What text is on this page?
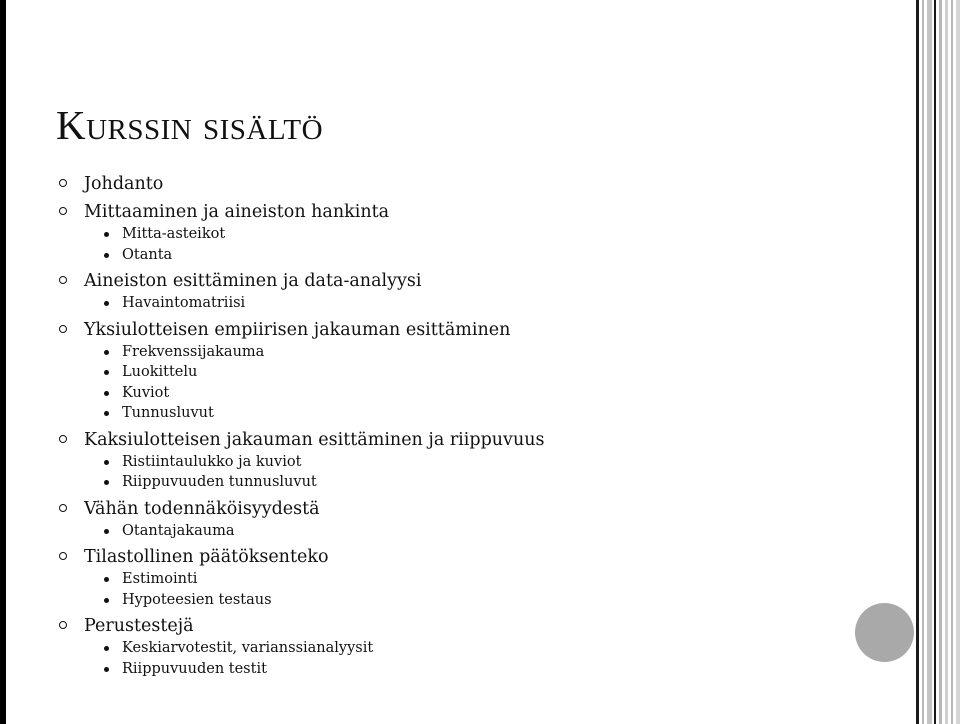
Kurssin sisältö
Johdanto
Mittaaminen ja aineiston hankinta
Mitta-asteikot
Otanta
Aineiston esittäminen ja data-analyysi
Havaintomatriisi
Yksiulotteisen empiirisen jakauman esittäminen
Frekvenssijakauma
Luokittelu
Kuviot
Tunnusluvut
Kaksiulotteisen jakauman esittäminen ja riippuvuus
Ristiintaulukko ja kuviot
Riippuvuuden tunnusluvut
Vähän todennäköisyydestä
Otantajakauma
Tilastollinen päätöksenteko
Estimointi
Hypoteesien testaus
Perustestejä
Keskiarvotestit, varianssianalyysit
Riippuvuuden testit
